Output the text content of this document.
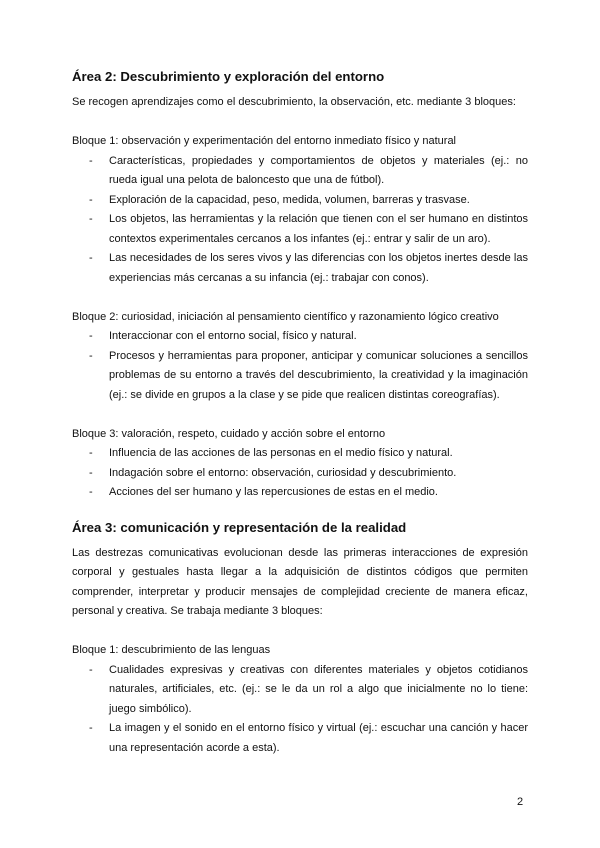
Área 2: Descubrimiento y exploración del entorno

Se recogen aprendizajes como el descubrimiento, la observación, etc. mediante 3 bloques:

Bloque 1: observación y experimentación del entorno inmediato físico y natural

- Características, propiedades y comportamientos de objetos y materiales (ej.: no rueda igual una pelota de baloncesto que una de fútbol).
- Exploración de la capacidad, peso, medida, volumen, barreras y trasvase.
- Los objetos, las herramientas y la relación que tienen con el ser humano en distintos contextos experimentales cercanos a los infantes (ej.: entrar y salir de un aro).
- Las necesidades de los seres vivos y las diferencias con los objetos inertes desde las experiencias más cercanas a su infancia (ej.: trabajar con conos).

Bloque 2: curiosidad, iniciación al pensamiento científico y razonamiento lógico creativo

- Interaccionar con el entorno social, físico y natural.
- Procesos y herramientas para proponer, anticipar y comunicar soluciones a sencillos problemas de su entorno a través del descubrimiento, la creatividad y la imaginación (ej.: se divide en grupos a la clase y se pide que realicen distintas coreografías).

Bloque 3: valoración, respeto, cuidado y acción sobre el entorno

- Influencia de las acciones de las personas en el medio físico y natural.
- Indagación sobre el entorno: observación, curiosidad y descubrimiento.
- Acciones del ser humano y las repercusiones de estas en el medio.
Área 3: comunicación y representación de la realidad

Las destrezas comunicativas evolucionan desde las primeras interacciones de expresión corporal y gestuales hasta llegar a la adquisición de distintos códigos que permiten comprender, interpretar y producir mensajes de complejidad creciente de manera eficaz, personal y creativa. Se trabaja mediante 3 bloques:

Bloque 1: descubrimiento de las lenguas

- Cualidades expresivas y creativas con diferentes materiales y objetos cotidianos naturales, artificiales, etc. (ej.: se le da un rol a algo que inicialmente no lo tiene: juego simbólico).
- La imagen y el sonido en el entorno físico y virtual (ej.: escuchar una canción y hacer una representación acorde a esta).
2
